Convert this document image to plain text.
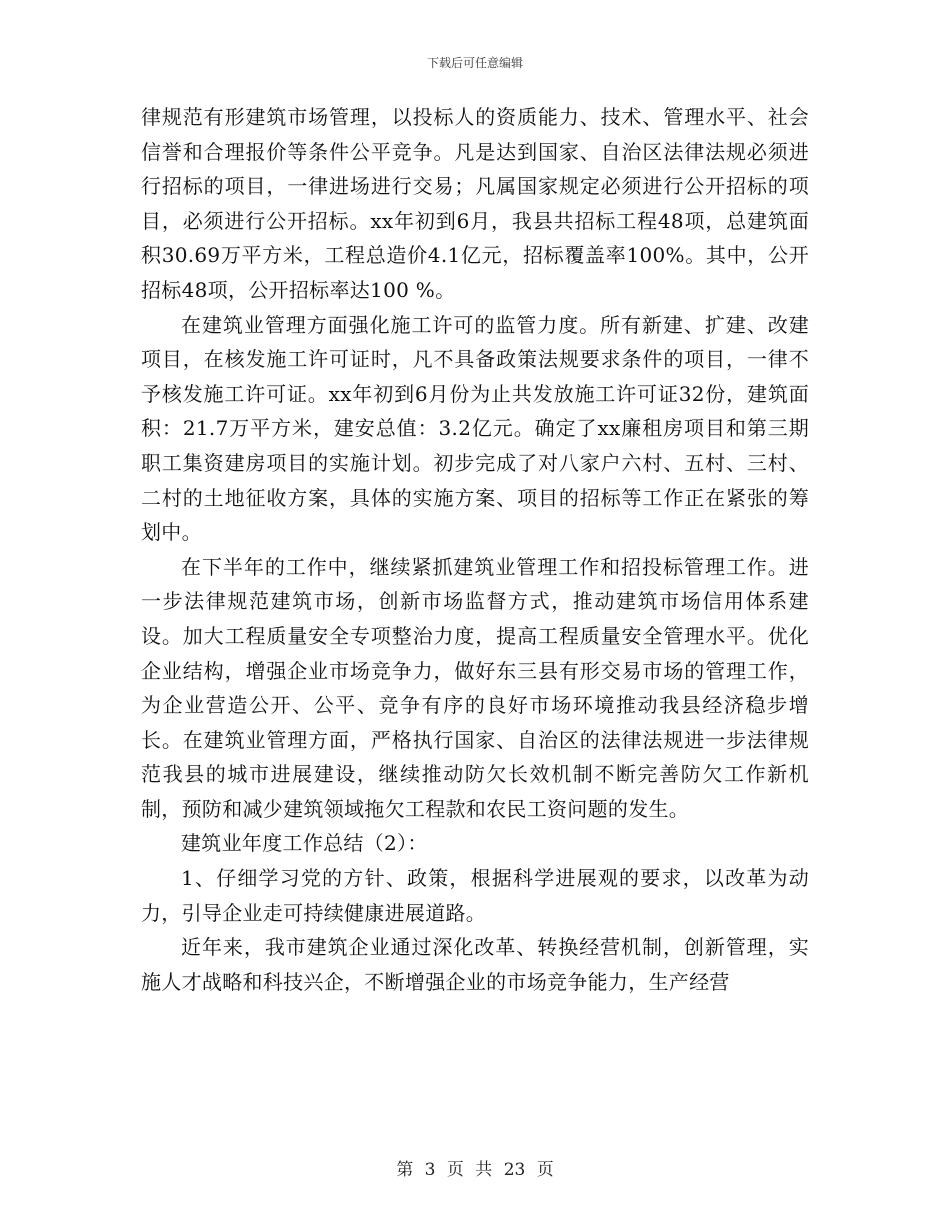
下载后可任意编辑

律规范有形建筑市场管理，以投标人的资质能力、技术、管理水平、社会信誉和合理报价等条件公平竞争。凡是达到国家、自治区法律法规必须进行招标的项目，一律进场进行交易；凡属国家规定必须进行公开招标的项目，必须进行公开招标。xx年初到6月，我县共招标工程48项，总建筑面积30.69万平方米，工程总造价4.1亿元，招标覆盖率100%。其中，公开招标48项，公开招标率达100 %。

在建筑业管理方面强化施工许可的监管力度。所有新建、扩建、改建项目，在核发施工许可证时，凡不具备政策法规要求条件的项目，一律不予核发施工许可证。xx年初到6月份为止共发放施工许可证32份，建筑面积：21.7万平方米，建安总值：3.2亿元。确定了xx廉租房项目和第三期职工集资建房项目的实施计划。初步完成了对八家户六村、五村、三村、二村的土地征收方案，具体的实施方案、项目的招标等工作正在紧张的筹划中。

在下半年的工作中，继续紧抓建筑业管理工作和招投标管理工作。进一步法律规范建筑市场，创新市场监督方式，推动建筑市场信用体系建设。加大工程质量安全专项整治力度，提高工程质量安全管理水平。优化企业结构，增强企业市场竞争力，做好东三县有形交易市场的管理工作，为企业营造公开、公平、竞争有序的良好市场环境推动我县经济稳步增长。在建筑业管理方面，严格执行国家、自治区的法律法规进一步法律规范我县的城市进展建设，继续推动防欠长效机制不断完善防欠工作新机制，预防和减少建筑领域拖欠工程款和农民工资问题的发生。

建筑业年度工作总结（2）：

1、仔细学习党的方针、政策，根据科学进展观的要求，以改革为动力，引导企业走可持续健康进展道路。

近年来，我市建筑企业通过深化改革、转换经营机制，创新管理，实施人才战略和科技兴企，不断增强企业的市场竞争能力，生产经营

第 3 页 共 23 页
